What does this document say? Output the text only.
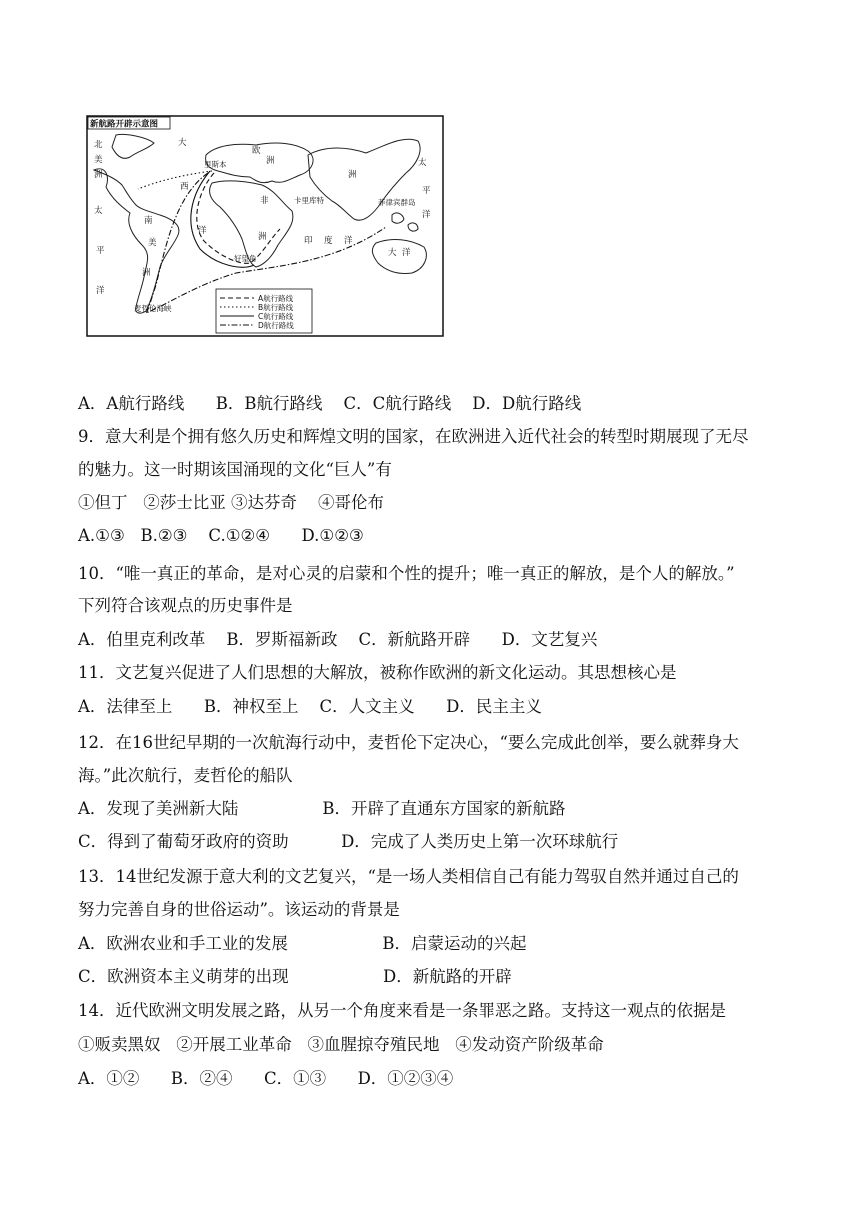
新航路开辟示意图
北
美
洲
大
西
洋
欧
洲
洲
非
洲
南
美
洲
太
平
洋
太
平
洋
印 度 洋
大 洋
里斯本
卡里库特	菲律宾群岛
好望角
麦哲伦海峡
A航行路线
B航行路线
C航行路线
D航行路线
A．A航行路线      B．B航行路线    C．C航行路线    D．D航行路线
9．意大利是个拥有悠久历史和辉煌文明的国家，在欧洲进入近代社会的转型时期展现了无尽
的魅力。这一时期该国涌现的文化“巨人”有
①但丁   ②莎士比亚 ③达芬奇    ④哥伦布
A.①③   B.②③    C.①②④      D.①②③
10．“唯一真正的革命，是对心灵的启蒙和个性的提升；唯一真正的解放，是个人的解放。”
下列符合该观点的历史事件是
A．伯里克利改革    B．罗斯福新政    C．新航路开辟      D．文艺复兴
11．文艺复兴促进了人们思想的大解放，被称作欧洲的新文化运动。其思想核心是
A．法律至上      B．神权至上    C．人文主义      D．民主主义
12．在16世纪早期的一次航海行动中，麦哲伦下定决心，“要么完成此创举，要么就葬身大
海。”此次航行，麦哲伦的船队
A．发现了美洲新大陆                B．开辟了直通东方国家的新航路
C．得到了葡萄牙政府的资助          D．完成了人类历史上第一次环球航行
13．14世纪发源于意大利的文艺复兴，“是一场人类相信自己有能力驾驭自然并通过自己的
努力完善自身的世俗运动”。该运动的背景是
A．欧洲农业和手工业的发展                  B．启蒙运动的兴起
C．欧洲资本主义萌芽的出现                  D．新航路的开辟
14．近代欧洲文明发展之路，从另一个角度来看是一条罪恶之路。支持这一观点的依据是
①贩卖黑奴   ②开展工业革命   ③血腥掠夺殖民地   ④发动资产阶级革命
A．①②      B．②④      C．①③      D．①②③④
